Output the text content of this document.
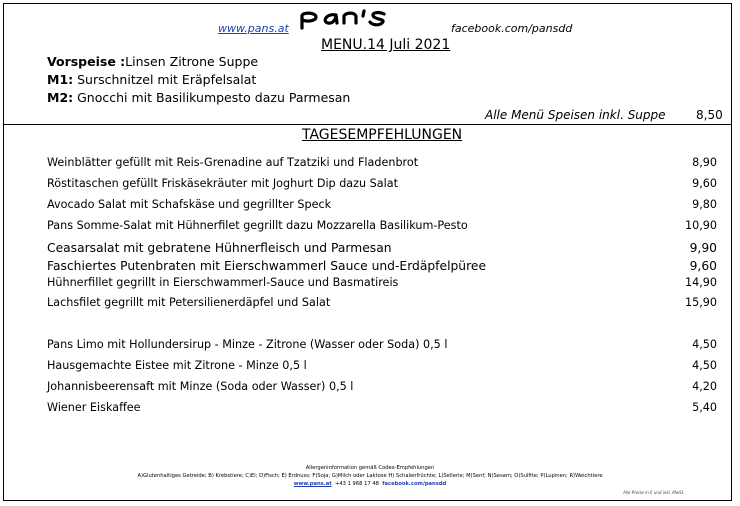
www.pans.at	facebook.com/pansdd
MENU.14 Juli 2021
Vorspeise :Linsen Zitrone Suppe
M1: Surschnitzel mit Eräpfelsalat
M2: Gnocchi mit Basilikumpesto dazu Parmesan
Alle Menü Speisen inkl. Suppe	8,50
TAGESEMPFEHLUNGEN
Weinblätter gefüllt mit Reis-Grenadine auf Tzatziki und Fladenbrot	8,90
Röstitaschen gefüllt Friskäsekräuter mit Joghurt Dip dazu Salat	9,60
Avocado Salat mit Schafskäse und gegrillter Speck	9,80
Pans Somme-Salat mit Hühnerfilet gegrillt dazu Mozzarella Basilikum-Pesto	10,90
Ceasarsalat mit gebratene Hühnerfleisch und Parmesan	9,90
Faschiertes Putenbraten mit Eierschwammerl Sauce und-Erdäpfelpüree	9,60
Hühnerfillet gegrillt in Eierschwammerl-Sauce und Basmatireis	14,90
Lachsfilet gegrillt mit Petersilienerdäpfel und Salat	15,90
Pans Limo mit Hollundersirup - Minze - Zitrone (Wasser oder Soda) 0,5 l	4,50
Hausgemachte Eistee mit Zitrone - Minze 0,5 l	4,50
Johannisbeerensaft mit Minze (Soda oder Wasser) 0,5 l	4,20
Wiener Eiskaffee	5,40
Allergeninformation gemäß Codex-Empfehlungen
A)Glutenhaltiges Getreide; B) Krebstiere; C)Ei; D)Fisch; E) Erdnuss; F)Soja; G)Milch oder Laktose H) Schalenfrüchte; L)Sellerie; M)Senf; N)Sesam; O)Sulfite; P)Lupinen; R)Weichtiere
www.pans.at +43 1 968 17 48 facebook.com/pansdd
Alle Preise in € und inkl. MwSt.
